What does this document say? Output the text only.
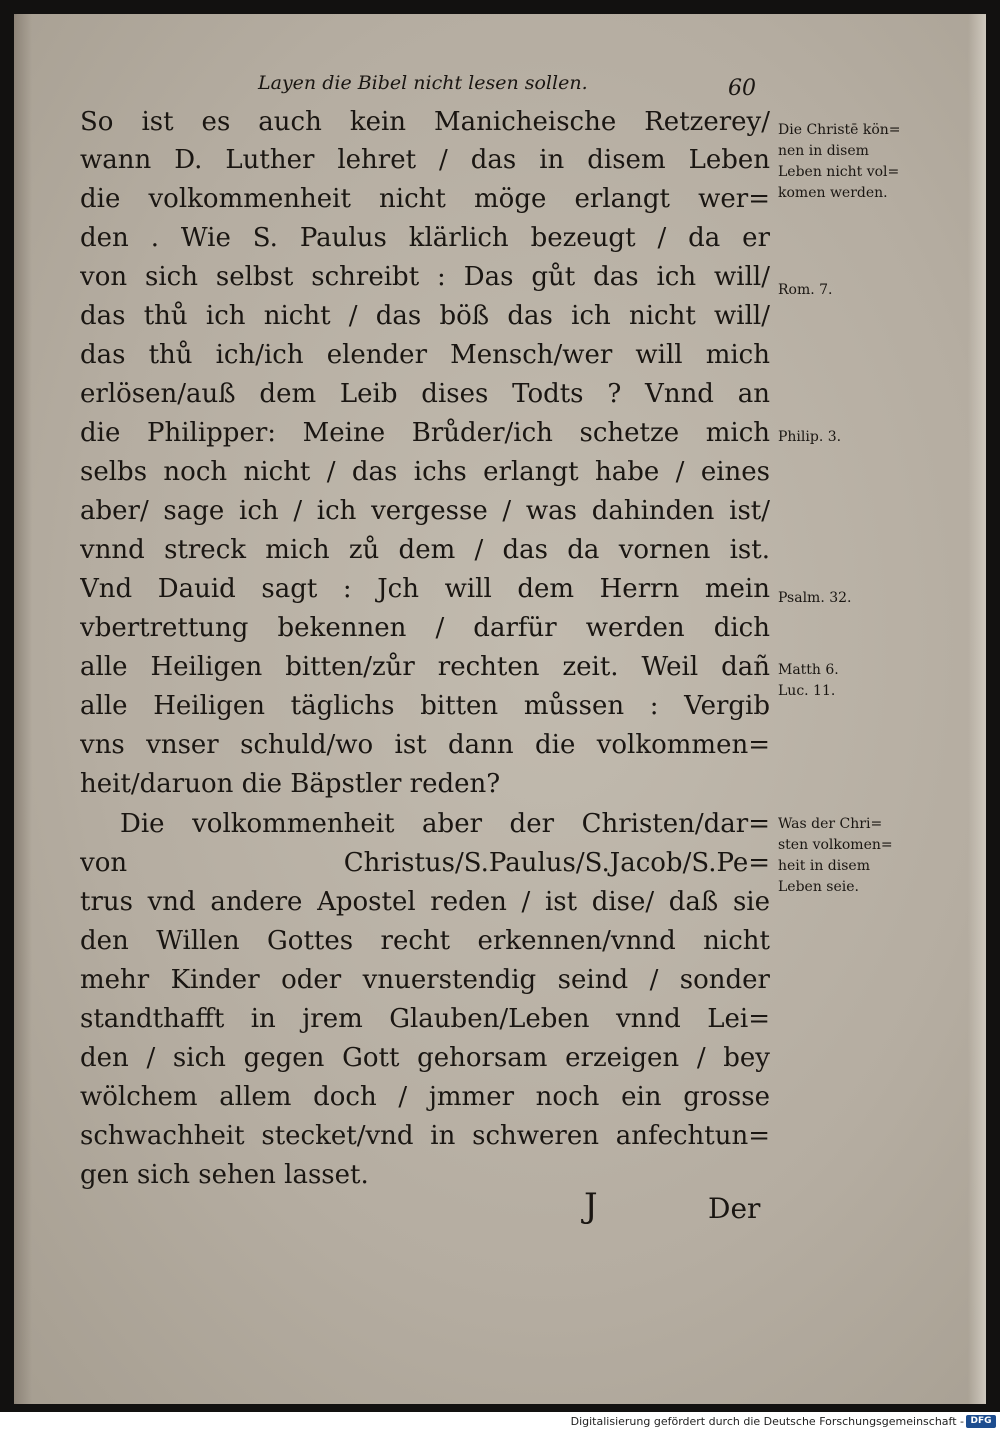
Layen die Bibel nicht lesen sollen.	60
So ist es auch kein Manicheische Retzerey/
wann D. Luther lehret / das in disem Leben
die volkommenheit nicht möge erlangt wer=
den . Wie S. Paulus klärlich bezeugt / da er
von sich selbst schreibt : Das gůt das ich will/
das thů ich nicht / das böß das ich nicht will/
das thů ich/ich elender Mensch/wer will mich
erlösen/auß dem Leib dises Todts ? Vnnd an
die Philipper: Meine Brůder/ich schetze mich
selbs noch nicht / das ichs erlangt habe / eines
aber/ sage ich / ich vergesse / was dahinden ist/
vnnd streck mich zů dem / das da vornen ist.
Vnd Dauid sagt : Jch will dem Herrn mein
vbertrettung bekennen / darfür werden dich
alle Heiligen bitten/zůr rechten zeit. Weil dañ
alle Heiligen täglichs bitten můssen : Vergib
vns vnser schuld/wo ist dann die volkommen=
heit/daruon die Bäpstler reden?
Die volkommenheit aber der Christen/dar=
von Christus/S.Paulus/S.Jacob/S.Pe=
trus vnd andere Apostel reden / ist dise/ daß sie
den Willen Gottes recht erkennen/vnnd nicht
mehr Kinder oder vnuerstendig seind / sonder
standthafft in jrem Glauben/Leben vnnd Lei=
den / sich gegen Gott gehorsam erzeigen / bey
wölchem allem doch / jmmer noch ein grosse
schwachheit stecket/vnd in schweren anfechtun=
gen sich sehen lasset.
Die Christē kön=
nen in disem
Leben nicht vol=
komen werden.
Rom. 7.
Philip. 3.
Psalm. 32.
Matth 6.
Luc. 11.
Was der Chri=
sten volkomen=
heit in disem
Leben seie.
J	Der
Digitalisierung gefördert durch die Deutsche Forschungsgemeinschaft - DFG
